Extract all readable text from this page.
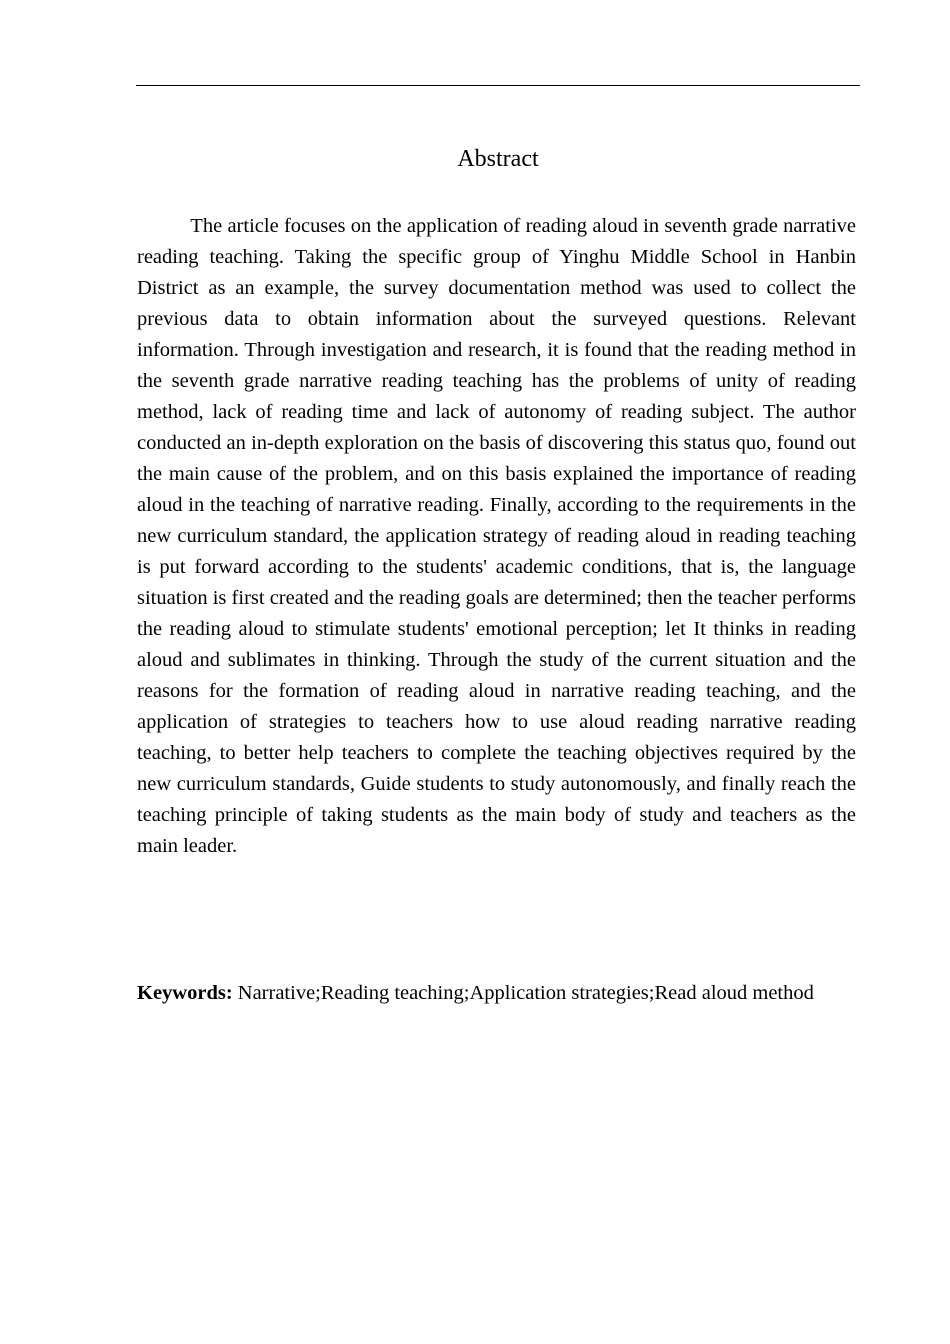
Abstract

The article focuses on the application of reading aloud in seventh grade narrative reading teaching. Taking the specific group of Yinghu Middle School in Hanbin District as an example, the survey documentation method was used to collect the previous data to obtain information about the surveyed questions. Relevant information. Through investigation and research, it is found that the reading method in the seventh grade narrative reading teaching has the problems of unity of reading method, lack of reading time and lack of autonomy of reading subject. The author conducted an in-depth exploration on the basis of discovering this status quo, found out the main cause of the problem, and on this basis explained the importance of reading aloud in the teaching of narrative reading. Finally, according to the requirements in the new curriculum standard, the application strategy of reading aloud in reading teaching is put forward according to the students' academic conditions, that is, the language situation is first created and the reading goals are determined; then the teacher performs the reading aloud to stimulate students' emotional perception; let It thinks in reading aloud and sublimates in thinking. Through the study of the current situation and the reasons for the formation of reading aloud in narrative reading teaching, and the application of strategies to teachers how to use aloud reading narrative reading teaching, to better help teachers to complete the teaching objectives required by the new curriculum standards, Guide students to study autonomously, and finally reach the teaching principle of taking students as the main body of study and teachers as the main leader.

Keywords: Narrative;Reading teaching;Application strategies;Read aloud method
